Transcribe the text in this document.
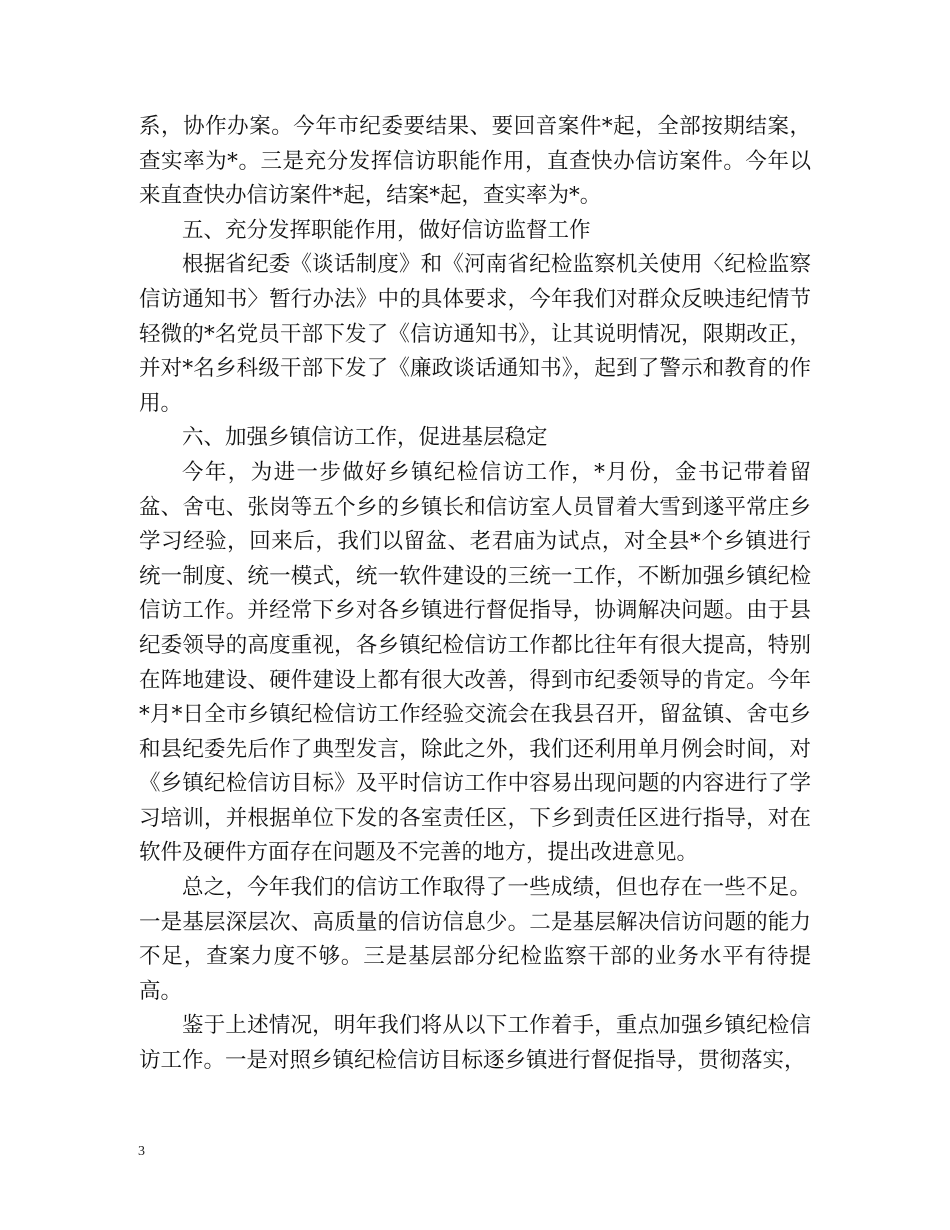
系，协作办案。今年市纪委要结果、要回音案件*起，全部按期结案，查实率为*。三是充分发挥信访职能作用，直查快办信访案件。今年以来直查快办信访案件*起，结案*起，查实率为*。

五、充分发挥职能作用，做好信访监督工作

根据省纪委《谈话制度》和《河南省纪检监察机关使用〈纪检监察信访通知书〉暂行办法》中的具体要求，今年我们对群众反映违纪情节轻微的*名党员干部下发了《信访通知书》，让其说明情况，限期改正，并对*名乡科级干部下发了《廉政谈话通知书》，起到了警示和教育的作用。

六、加强乡镇信访工作，促进基层稳定

今年，为进一步做好乡镇纪检信访工作，*月份，金书记带着留盆、舍屯、张岗等五个乡的乡镇长和信访室人员冒着大雪到遂平常庄乡学习经验，回来后，我们以留盆、老君庙为试点，对全县*个乡镇进行统一制度、统一模式，统一软件建设的三统一工作，不断加强乡镇纪检信访工作。并经常下乡对各乡镇进行督促指导，协调解决问题。由于县纪委领导的高度重视，各乡镇纪检信访工作都比往年有很大提高，特别在阵地建设、硬件建设上都有很大改善，得到市纪委领导的肯定。今年*月*日全市乡镇纪检信访工作经验交流会在我县召开，留盆镇、舍屯乡和县纪委先后作了典型发言，除此之外，我们还利用单月例会时间，对《乡镇纪检信访目标》及平时信访工作中容易出现问题的内容进行了学习培训，并根据单位下发的各室责任区，下乡到责任区进行指导，对在软件及硬件方面存在问题及不完善的地方，提出改进意见。

总之，今年我们的信访工作取得了一些成绩，但也存在一些不足。一是基层深层次、高质量的信访信息少。二是基层解决信访问题的能力不足，查案力度不够。三是基层部分纪检监察干部的业务水平有待提高。

鉴于上述情况，明年我们将从以下工作着手，重点加强乡镇纪检信访工作。一是对照乡镇纪检信访目标逐乡镇进行督促指导，贯彻落实，

3
